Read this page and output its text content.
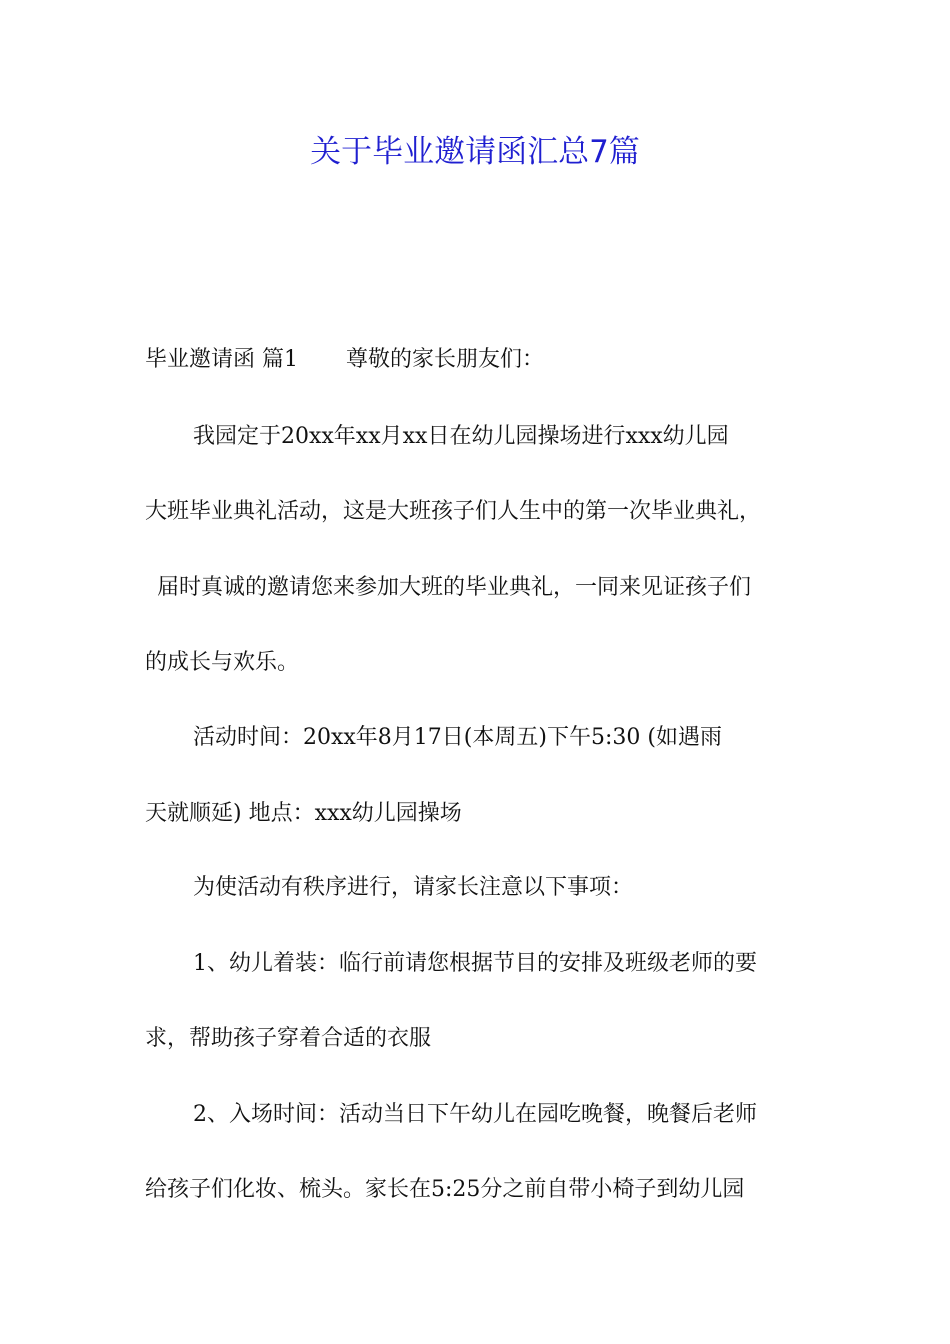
关于毕业邀请函汇总7篇

毕业邀请函 篇1 尊敬的家长朋友们：

我园定于20xx年xx月xx日在幼儿园操场进行xxx幼儿园

大班毕业典礼活动，这是大班孩子们人生中的第一次毕业典礼，

届时真诚的邀请您来参加大班的毕业典礼，一同来见证孩子们

的成长与欢乐。

活动时间：20xx年8月17日(本周五)下午5:30 (如遇雨

天就顺延) 地点：xxx幼儿园操场

为使活动有秩序进行，请家长注意以下事项：

1、幼儿着装：临行前请您根据节目的安排及班级老师的要

求，帮助孩子穿着合适的衣服

2、入场时间：活动当日下午幼儿在园吃晚餐，晚餐后老师

给孩子们化妆、梳头。家长在5:25分之前自带小椅子到幼儿园
